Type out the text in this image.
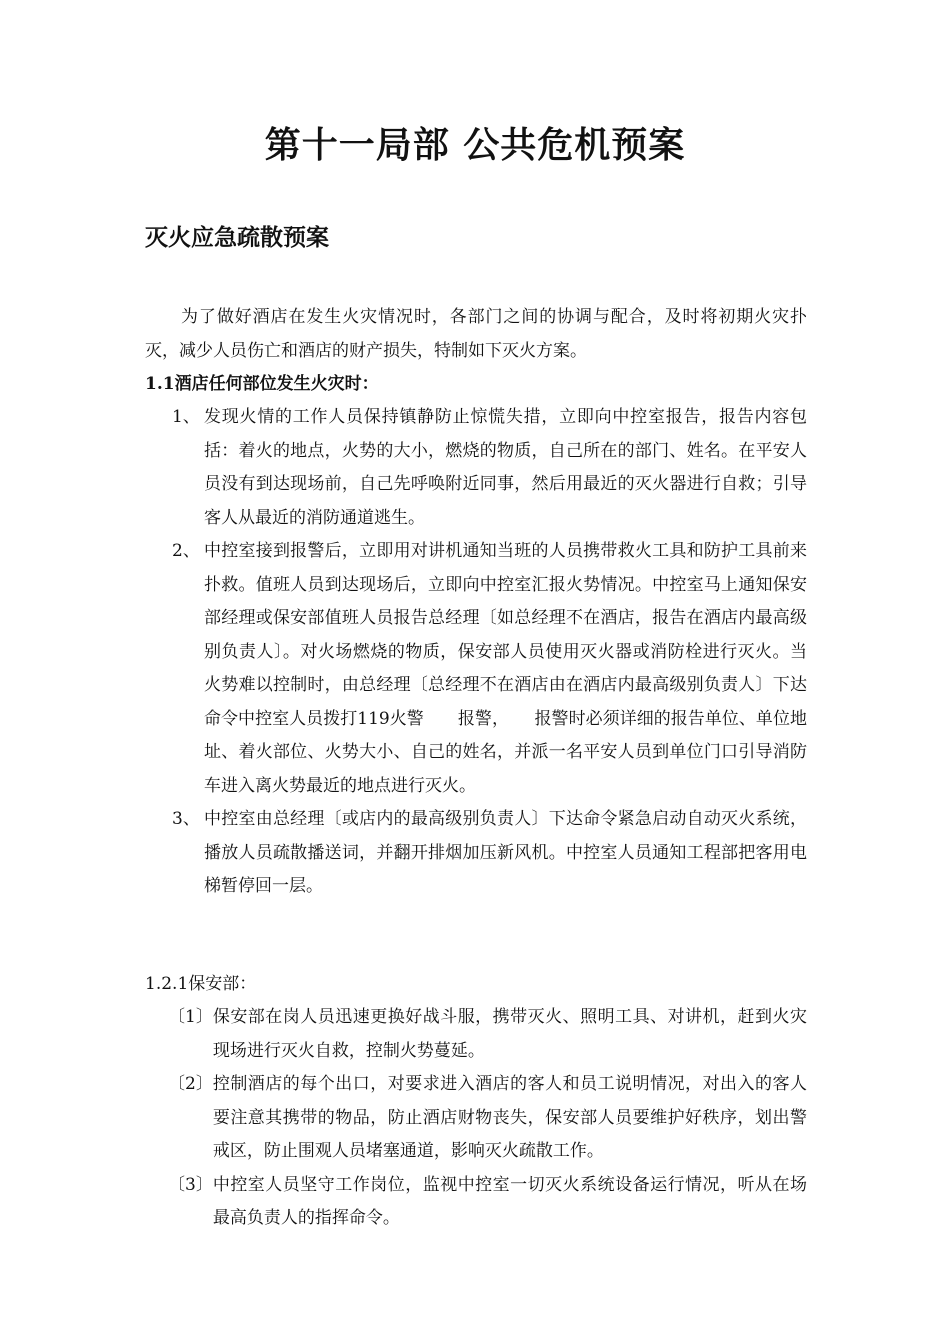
第十一局部 公共危机预案
灭火应急疏散预案

为了做好酒店在发生火灾情况时，各部门之间的协调与配合，及时将初期火灾扑灭，减少人员伤亡和酒店的财产损失，特制如下灭火方案。

1.1酒店任何部位发生火灾时：
1、 发现火情的工作人员保持镇静防止惊慌失措，立即向中控室报告，报告内容包括：着火的地点，火势的大小，燃烧的物质，自己所在的部门、姓名。在平安人员没有到达现场前，自己先呼唤附近同事，然后用最近的灭火器进行自救；引导客人从最近的消防通道逃生。
2、 中控室接到报警后，立即用对讲机通知当班的人员携带救火工具和防护工具前来扑救。值班人员到达现场后，立即向中控室汇报火势情况。中控室马上通知保安部经理或保安部值班人员报告总经理〔如总经理不在酒店，报告在酒店内最高级别负责人〕。对火场燃烧的物质，保安部人员使用灭火器或消防栓进行灭火。当火势难以控制时，由总经理〔总经理不在酒店由在酒店内最高级别负责人〕下达命令中控室人员拨打119火警　　报警，　　报警时必须详细的报告单位、单位地址、着火部位、火势大小、自己的姓名，并派一名平安人员到单位门口引导消防车进入离火势最近的地点进行灭火。
3、 中控室由总经理〔或店内的最高级别负责人〕下达命令紧急启动自动灭火系统，播放人员疏散播送词，并翻开排烟加压新风机。中控室人员通知工程部把客用电梯暂停回一层。
1.2.1保安部：
〔1〕 保安部在岗人员迅速更换好战斗服，携带灭火、照明工具、对讲机，赶到火灾现场进行灭火自救，控制火势蔓延。
〔2〕 控制酒店的每个出口，对要求进入酒店的客人和员工说明情况，对出入的客人要注意其携带的物品，防止酒店财物丧失，保安部人员要维护好秩序，划出警戒区，防止围观人员堵塞通道，影响灭火疏散工作。
〔3〕 中控室人员坚守工作岗位，监视中控室一切灭火系统设备运行情况，听从在场最高负责人的指挥命令。
